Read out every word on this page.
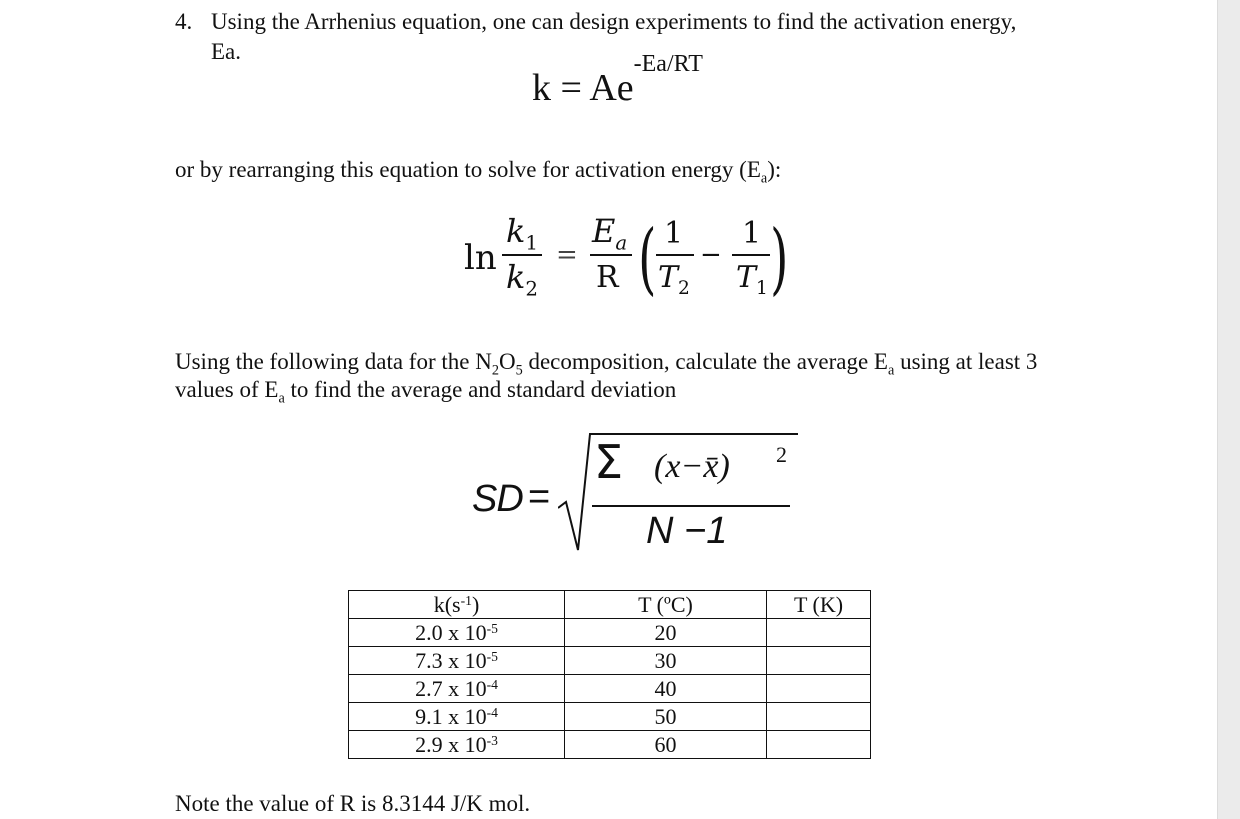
4. Using the Arrhenius equation, one can design experiments to find the activation energy,
Ea.
$k = Ae^{-Ea/RT}$
or by rearranging this equation to solve for activation energy $(E_a)$:
ln
$k_1$
$k_2$
=
$E_a$
R ( 1
$T_2$
−
1
$T_1$ )
Using the following data for the $N_2O_5$ decomposition, calculate the average $E_a$ using at least 3
values of $E_a$ to find the average and standard deviation
SD =
Σ (x−x̄) 2
N −1
$k(s^{-1})$	T (ºC)	T (K)
2.0 x $10^{-5}$	20	
7.3 x $10^{-5}$	30	
2.7 x $10^{-4}$	40	
9.1 x $10^{-4}$	50	
2.9 x $10^{-3}$	60	
Note the value of R is 8.3144 J/K mol.
